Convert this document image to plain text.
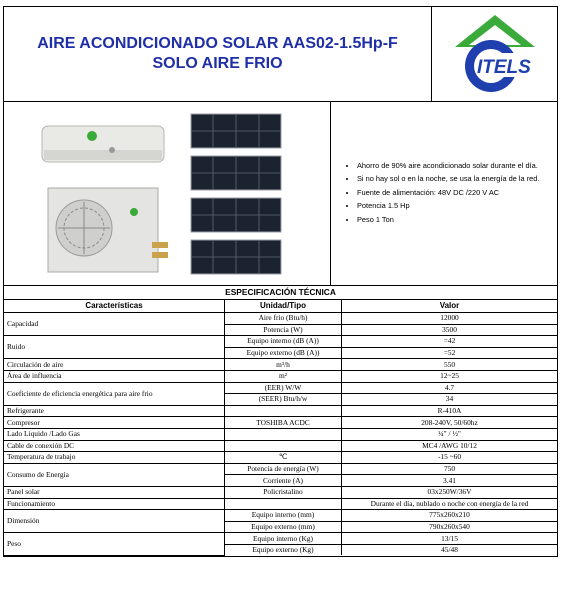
AIRE ACONDICIONADO SOLAR AAS02-1.5Hp-F
SOLO AIRE FRIO	ITELS
• Ahorro de 90% aire acondicionado solar durante el día.
• Si no hay sol o en la noche, se usa la energía de la red.
• Fuente de alimentación: 48V DC /220 V AC
• Potencia 1.5 Hp
• Peso 1 Ton
ESPECIFICACIÓN TÉCNICA
Características	Unidad/Tipo	Valor
Capacidad	Aire frio (Btu/h)	12000
	Potencia (W)	3500
Ruido	Equipo interno (dB (A))	=42
	Equipo externo (dB (A))	=52
Circulación de aire	m³/h	550
Área de influencia	m²	12~25
Coeficiente de eficiencia energética para aire frio	(EER) W/W	4.7
	(SEER) Btu/h/w	34
Refrigerante		R-410A
Compresor	TOSHIBA ACDC	208-240V, 50/60hz
Lado Liquido /Lado Gas		¼" / ½"
Cable de conexión DC		MC4 /AWG 10/12
Temperatura de trabajo	℃	-15 ~60
Consumo de Energía	Potencia de energía (W)	750
	Corriente (A)	3.41
Panel solar	Policristalino	03x250W/36V
Funcionamiento		Durante el día, nublado o noche con energía de la red
Dimensión	Equipo interno (mm)	775x260x210
	Equipo externo (mm)	790x260x540
Peso	Equipo interno (Kg)	13/15
	Equipo externo (Kg)	45/48
